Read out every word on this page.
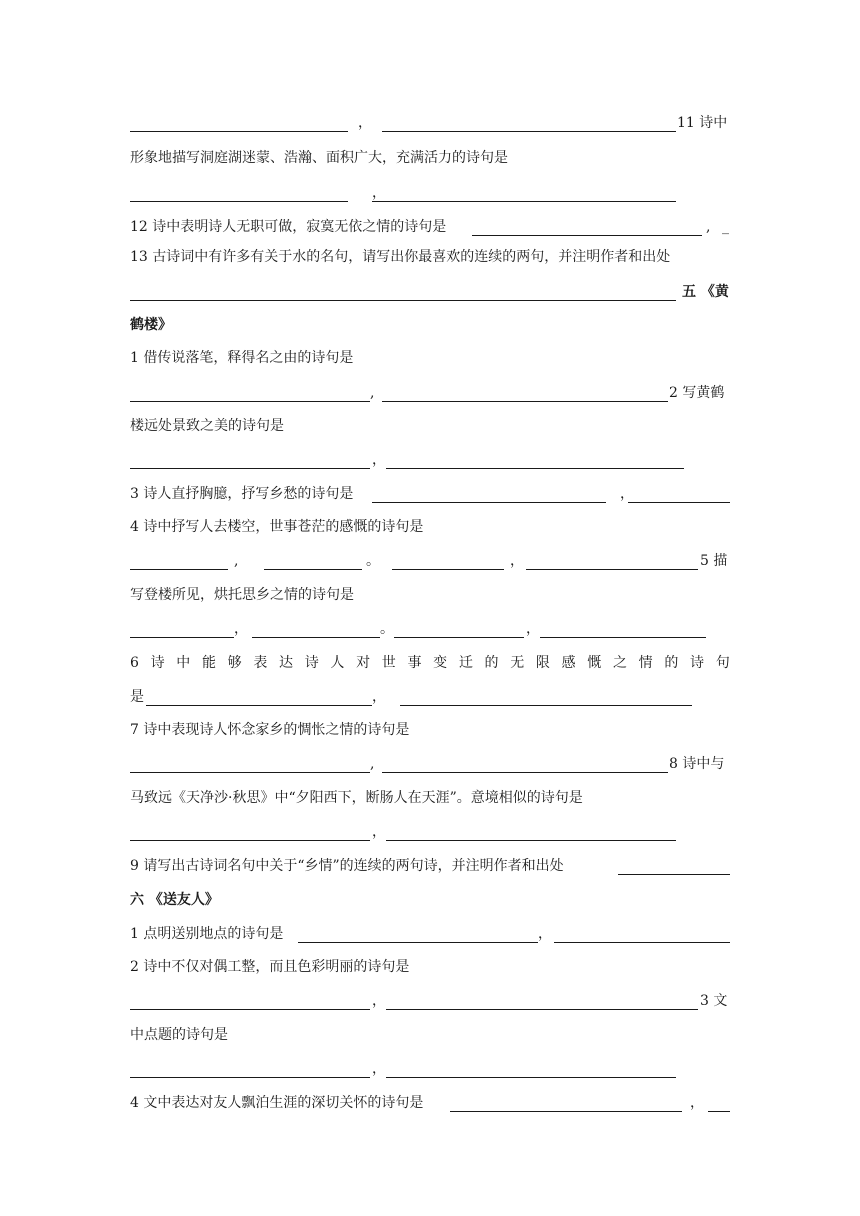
，	11 诗中
形象地描写洞庭湖迷蒙、浩瀚、面积广大，充满活力的诗句是
，
12 诗中表明诗人无职可做，寂寞无依之情的诗句是	, _
13 古诗词中有许多有关于水的名句，请写出你最喜欢的连续的两句，并注明作者和出处
五 《黄
鹤楼》
1 借传说落笔，释得名之由的诗句是
,	2 写黄鹤
楼远处景致之美的诗句是
，
3 诗人直抒胸臆，抒写乡愁的诗句是	，
4 诗中抒写人去楼空，世事苍茫的感慨的诗句是
,	。	，	5 描
写登楼所见，烘托思乡之情的诗句是
，	。	，
6 诗 中 能 够 表 达 诗 人 对 世 事 变 迁 的 无 限 感 慨 之 情 的 诗 句
是	，
7 诗中表现诗人怀念家乡的惆怅之情的诗句是
,	8 诗中与
马致远《天净沙·秋思》中“夕阳西下，断肠人在天涯”。意境相似的诗句是
，
9 请写出古诗词名句中关于“乡情”的连续的两句诗，并注明作者和出处
六 《送友人》
1 点明送别地点的诗句是	，
2 诗中不仅对偶工整，而且色彩明丽的诗句是
，	3 文
中点题的诗句是
，
4 文中表达对友人飘泊生涯的深切关怀的诗句是	，
